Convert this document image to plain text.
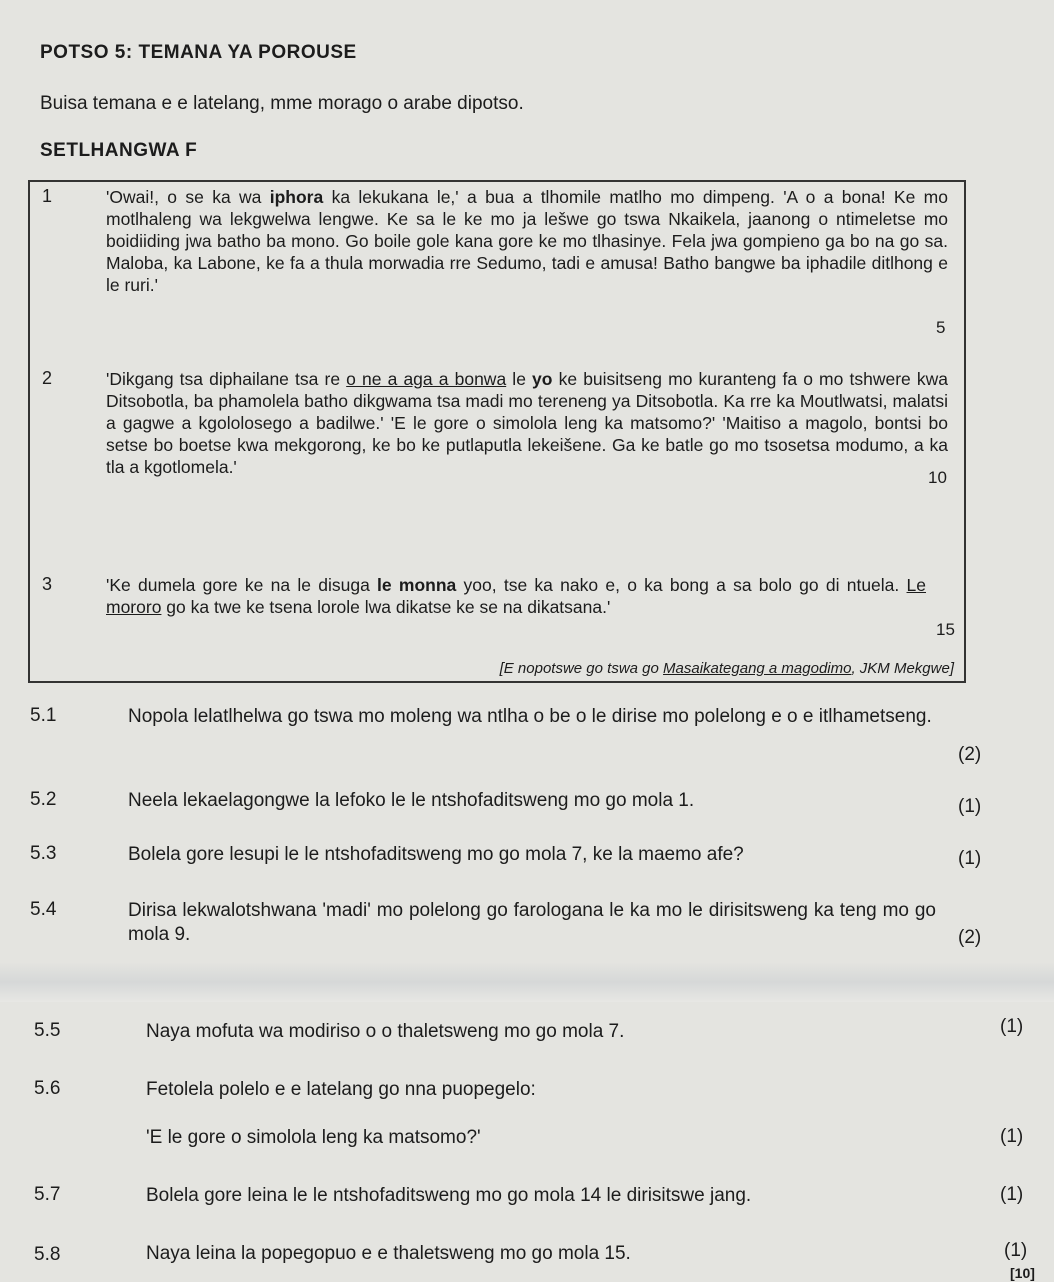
POTSO 5: TEMANA YA POROUSE
Buisa temana e e latelang, mme morago o arabe dipotso.
SETLHANGWA F
1	'Owai!, o se ka wa iphora ka lekukana le,' a bua a tlhomile matlho mo dimpeng. 'A o a bona! Ke mo motlhaleng wa lekgwelwa lengwe. Ke sa le ke mo ja lešwe go tswa Nkaikela, jaanong o ntimeletse mo boidiiding jwa batho ba mono. Go boile gole kana gore ke mo tlhasinye. Fela jwa gompieno ga bo na go sa. Maloba, ka Labone, ke fa a thula morwadia rre Sedumo, tadi e amusa! Batho bangwe ba iphadile ditlhong e le ruri.'
2	'Dikgang tsa diphailane tsa re o ne a aga a bonwa le yo ke buisitseng mo kuranteng fa o mo tshwere kwa Ditsobotla, ba phamolela batho dikgwama tsa madi mo tereneng ya Ditsobotla. Ka rre ka Moutlwatsi, malatsi a gagwe a kgololosego a badilwe.' 'E le gore o simolola leng ka matsomo?' 'Maitiso a magolo, bontsi bo setse bo boetse kwa mekgorong, ke bo ke putlaputla lekeišene. Ga ke batle go mo tsosetsa modumo, a ka tla a kgotlomela.'
3	'Ke dumela gore ke na le disuga le monna yoo, tse ka nako e, o ka bong a sa bolo go di ntuela. Le mororo go ka twe ke tsena lorole lwa dikatse ke se na dikatsana.'
5
10
15
[E nopotswe go tswa go Masaikategang a magodimo, JKM Mekgwe]
5.1	Nopola lelatlhelwa go tswa mo moleng wa ntlha o be o le dirise mo polelong e o e itlhametseng.
(2)
5.2	Neela lekaelagongwe la lefoko le le ntshofaditsweng mo go mola 1.	(1)
5.3	Bolela gore lesupi le le ntshofaditsweng mo go mola 7, ke la maemo afe?	(1)
5.4	Dirisa lekwalotshwana 'madi' mo polelong go farologana le ka mo le dirisitsweng ka teng mo go mola 9.	(2)
5.5	Naya mofuta wa modiriso o o thaletsweng mo go mola 7.	(1)
5.6	Fetolela polelo e e latelang go nna puopegelo:
'E le gore o simolola leng ka matsomo?'	(1)
5.7	Bolela gore leina le le ntshofaditsweng mo go mola 14 le dirisitswe jang.	(1)
5.8	Naya leina la popegopuo e e thaletsweng mo go mola 15.	(1)
[10]
